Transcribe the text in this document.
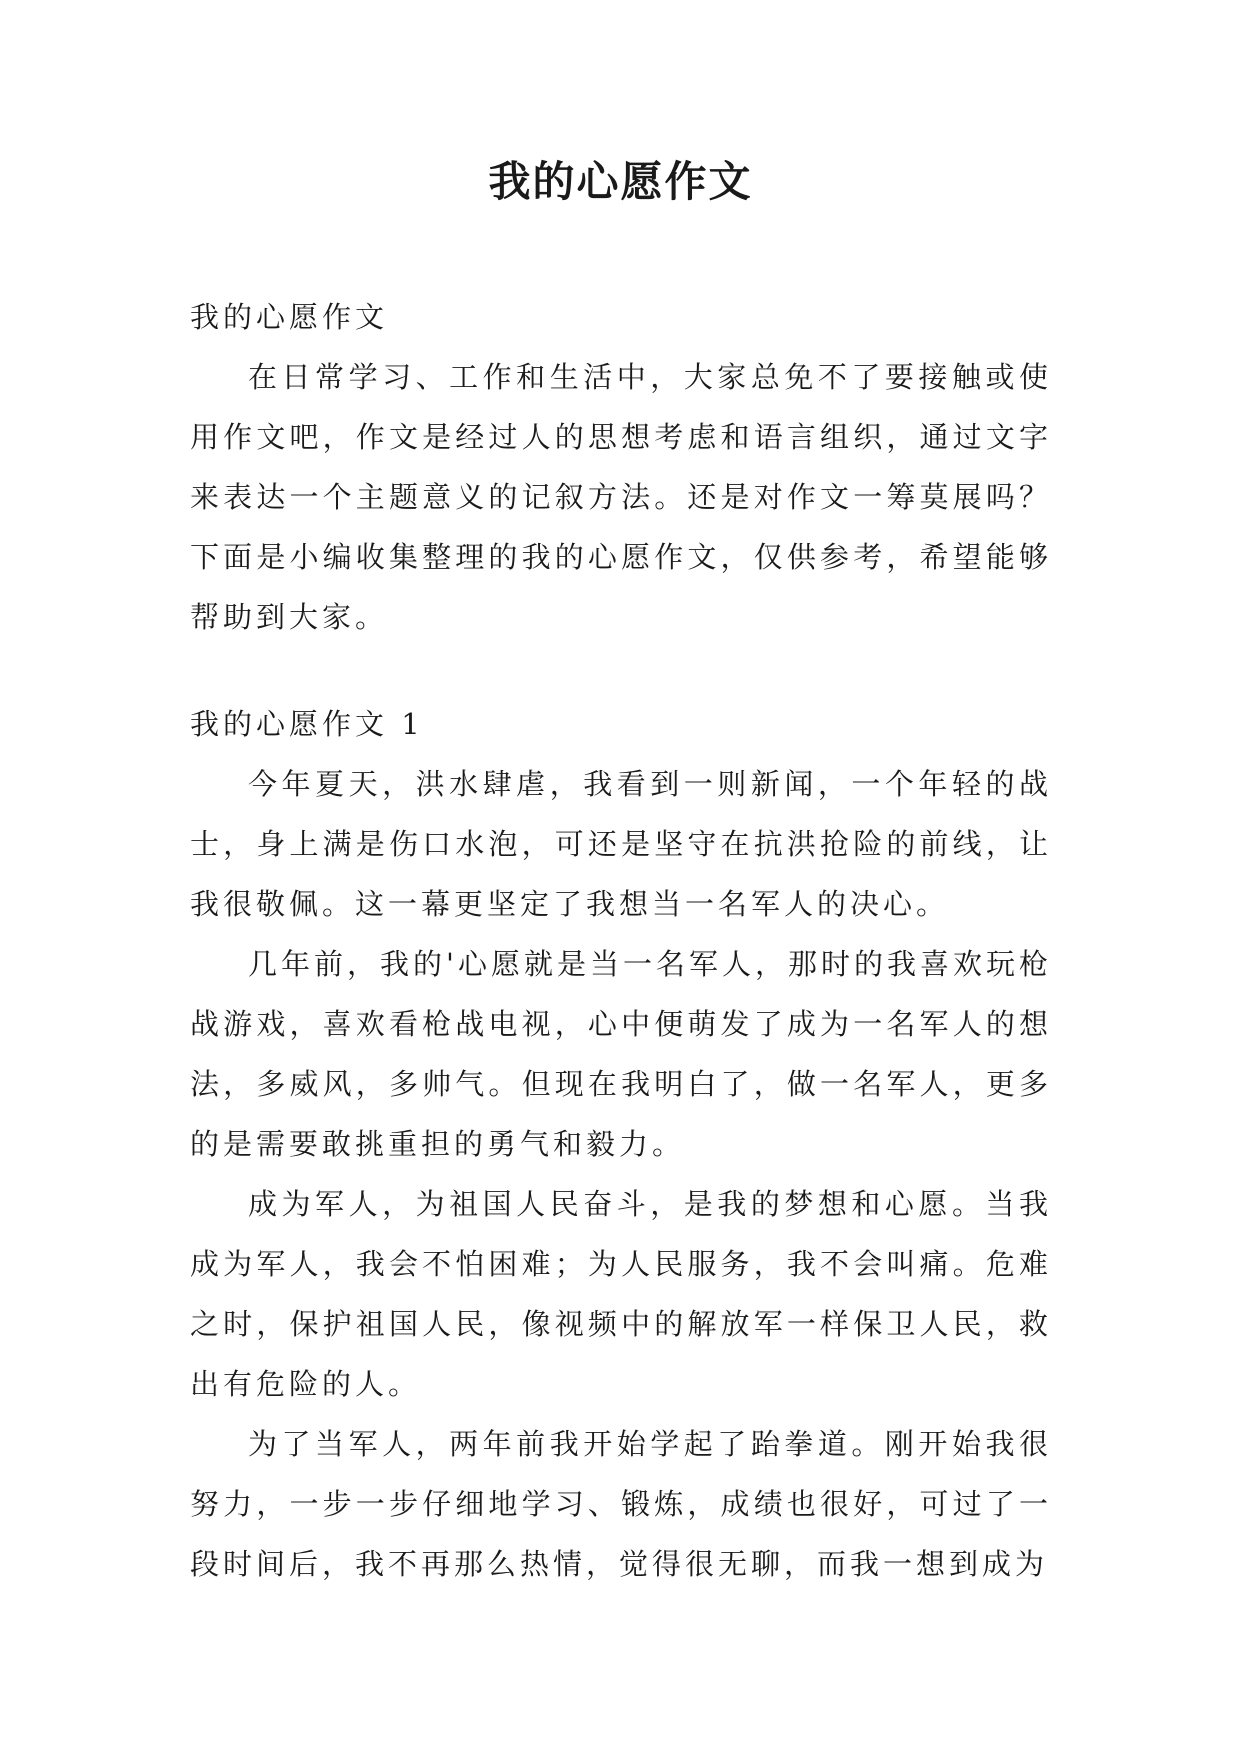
我的心愿作文

我的心愿作文

在日常学习、工作和生活中，大家总免不了要接触或使用作文吧，作文是经过人的思想考虑和语言组织，通过文字来表达一个主题意义的记叙方法。还是对作文一筹莫展吗？下面是小编收集整理的我的心愿作文，仅供参考，希望能够帮助到大家。

我的心愿作文 1

今年夏天，洪水肆虐，我看到一则新闻，一个年轻的战士，身上满是伤口水泡，可还是坚守在抗洪抢险的前线，让我很敬佩。这一幕更坚定了我想当一名军人的决心。

几年前，我的'心愿就是当一名军人，那时的我喜欢玩枪战游戏，喜欢看枪战电视，心中便萌发了成为一名军人的想法，多威风，多帅气。但现在我明白了，做一名军人，更多的是需要敢挑重担的勇气和毅力。

成为军人，为祖国人民奋斗，是我的梦想和心愿。当我成为军人，我会不怕困难；为人民服务，我不会叫痛。危难之时，保护祖国人民，像视频中的解放军一样保卫人民，救出有危险的人。

为了当军人，两年前我开始学起了跆拳道。刚开始我很努力，一步一步仔细地学习、锻炼，成绩也很好，可过了一段时间后，我不再那么热情，觉得很无聊，而我一想到成为
